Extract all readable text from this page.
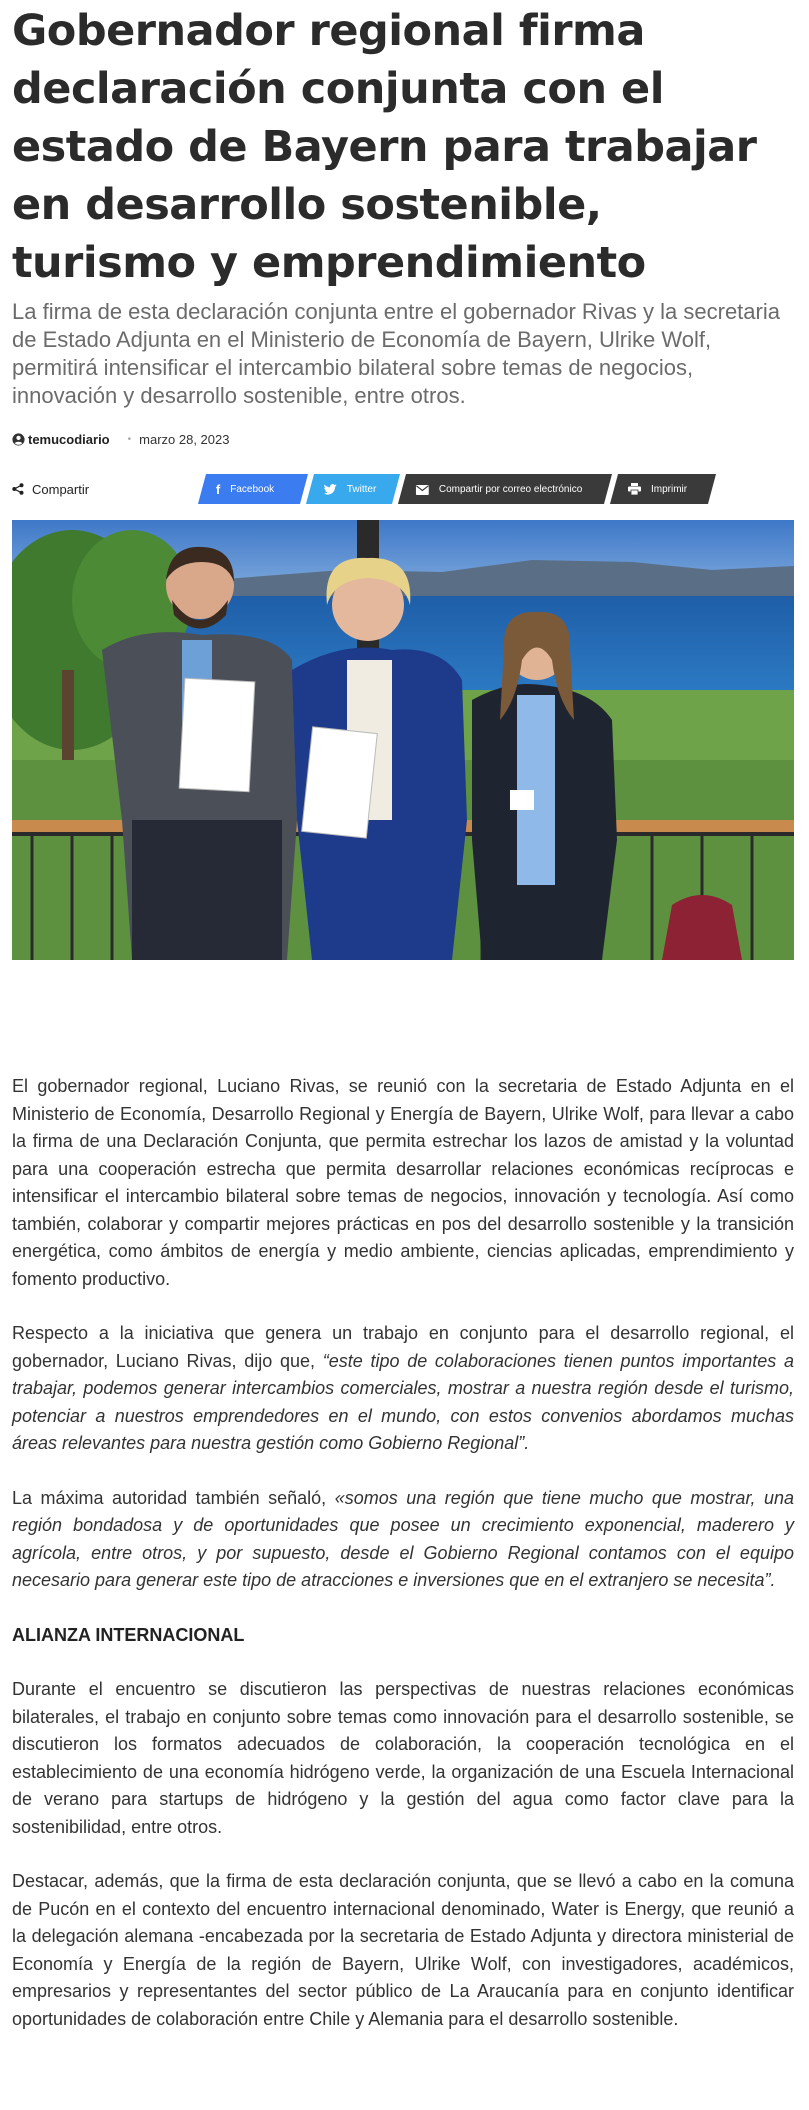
Gobernador regional firma declaración conjunta con el estado de Bayern para trabajar en desarrollo sostenible, turismo y emprendimiento

La firma de esta declaración conjunta entre el gobernador Rivas y la secretaria de Estado Adjunta en el Ministerio de Economía de Bayern, Ulrike Wolf, permitirá intensificar el intercambio bilateral sobre temas de negocios, innovación y desarrollo sostenible, entre otros.

temucodiario • marzo 28, 2023
Compartir	f Facebook	Twitter	Compartir por correo electrónico	Imprimir

El gobernador regional, Luciano Rivas, se reunió con la secretaria de Estado Adjunta en el Ministerio de Economía, Desarrollo Regional y Energía de Bayern, Ulrike Wolf, para llevar a cabo la firma de una Declaración Conjunta, que permita estrechar los lazos de amistad y la voluntad para una cooperación estrecha que permita desarrollar relaciones económicas recíprocas e intensificar el intercambio bilateral sobre temas de negocios, innovación y tecnología. Así como también, colaborar y compartir mejores prácticas en pos del desarrollo sostenible y la transición energética, como ámbitos de energía y medio ambiente, ciencias aplicadas, emprendimiento y fomento productivo.

Respecto a la iniciativa que genera un trabajo en conjunto para el desarrollo regional, el gobernador, Luciano Rivas, dijo que, “este tipo de colaboraciones tienen puntos importantes a trabajar, podemos generar intercambios comerciales, mostrar a nuestra región desde el turismo, potenciar a nuestros emprendedores en el mundo, con estos convenios abordamos muchas áreas relevantes para nuestra gestión como Gobierno Regional”.

La máxima autoridad también señaló, «somos una región que tiene mucho que mostrar, una región bondadosa y de oportunidades que posee un crecimiento exponencial, maderero y agrícola, entre otros, y por supuesto, desde el Gobierno Regional contamos con el equipo necesario para generar este tipo de atracciones e inversiones que en el extranjero se necesita”.

ALIANZA INTERNACIONAL

Durante el encuentro se discutieron las perspectivas de nuestras relaciones económicas bilaterales, el trabajo en conjunto sobre temas como innovación para el desarrollo sostenible, se discutieron los formatos adecuados de colaboración, la cooperación tecnológica en el establecimiento de una economía hidrógeno verde, la organización de una Escuela Internacional de verano para startups de hidrógeno y la gestión del agua como factor clave para la sostenibilidad, entre otros.

Destacar, además, que la firma de esta declaración conjunta, que se llevó a cabo en la comuna de Pucón en el contexto del encuentro internacional denominado, Water is Energy, que reunió a la delegación alemana -encabezada por la secretaria de Estado Adjunta y directora ministerial de Economía y Energía de la región de Bayern, Ulrike Wolf, con investigadores, académicos, empresarios y representantes del sector público de La Araucanía para en conjunto identificar oportunidades de colaboración entre Chile y Alemania para el desarrollo sostenible.
